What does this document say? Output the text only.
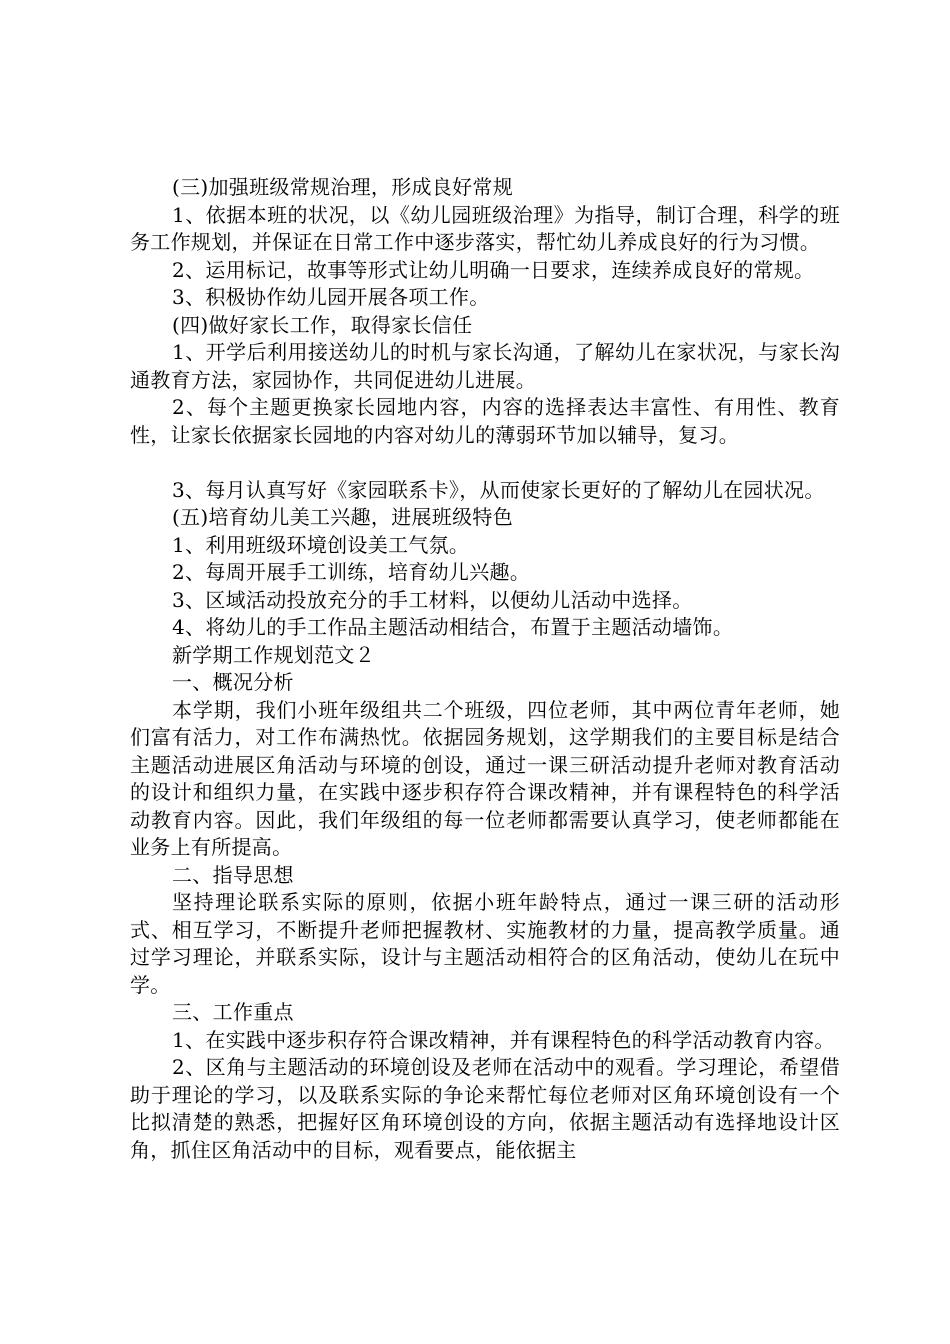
(三)加强班级常规治理，形成良好常规

1、依据本班的状况，以《幼儿园班级治理》为指导，制订合理，科学的班务工作规划，并保证在日常工作中逐步落实，帮忙幼儿养成良好的行为习惯。

2、运用标记，故事等形式让幼儿明确一日要求，连续养成良好的常规。

3、积极协作幼儿园开展各项工作。

(四)做好家长工作，取得家长信任

1、开学后利用接送幼儿的时机与家长沟通，了解幼儿在家状况，与家长沟通教育方法，家园协作，共同促进幼儿进展。

2、每个主题更换家长园地内容，内容的选择表达丰富性、有用性、教育性，让家长依据家长园地的内容对幼儿的薄弱环节加以辅导，复习。

3、每月认真写好《家园联系卡》，从而使家长更好的了解幼儿在园状况。

(五)培育幼儿美工兴趣，进展班级特色

1、利用班级环境创设美工气氛。

2、每周开展手工训练，培育幼儿兴趣。

3、区域活动投放充分的手工材料，以便幼儿活动中选择。

4、将幼儿的手工作品主题活动相结合，布置于主题活动墙饰。

新学期工作规划范文２

一、概况分析

本学期，我们小班年级组共二个班级，四位老师，其中两位青年老师，她们富有活力，对工作布满热忱。依据园务规划，这学期我们的主要目标是结合主题活动进展区角活动与环境的创设，通过一课三研活动提升老师对教育活动的设计和组织力量，在实践中逐步积存符合课改精神，并有课程特色的科学活动教育内容。因此，我们年级组的每一位老师都需要认真学习，使老师都能在业务上有所提高。

二、指导思想

坚持理论联系实际的原则，依据小班年龄特点，通过一课三研的活动形式、相互学习，不断提升老师把握教材、实施教材的力量，提高教学质量。通过学习理论，并联系实际，设计与主题活动相符合的区角活动，使幼儿在玩中学。

三、工作重点

1、在实践中逐步积存符合课改精神，并有课程特色的科学活动教育内容。

2、区角与主题活动的环境创设及老师在活动中的观看。学习理论，希望借助于理论的学习，以及联系实际的争论来帮忙每位老师对区角环境创设有一个比拟清楚的熟悉，把握好区角环境创设的方向，依据主题活动有选择地设计区角，抓住区角活动中的目标，观看要点，能依据主
